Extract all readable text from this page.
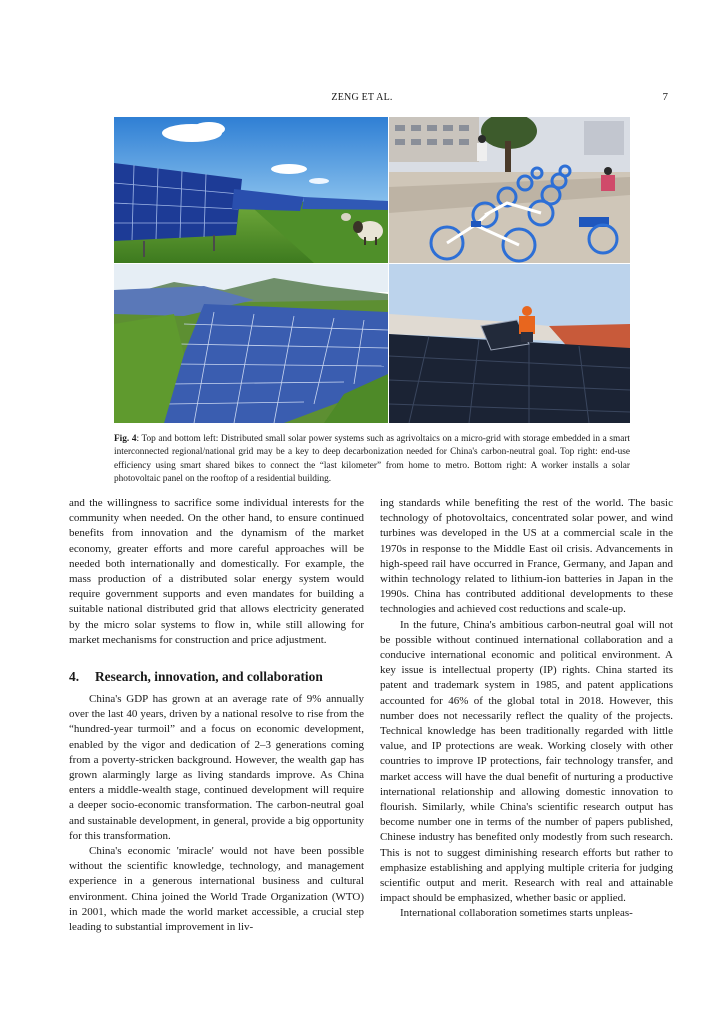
ZENG ET AL.	7
Fig. 4: Top and bottom left: Distributed small solar power systems such as agrivoltaics on a micro-grid with storage embedded in a smart interconnected regional/national grid may be a key to deep decarbonization needed for China's carbon-neutral goal. Top right: end-use efficiency using smart shared bikes to connect the “last kilometer” from home to metro. Bottom right: A worker installs a solar photovoltaic panel on the rooftop of a residential building.

and the willingness to sacrifice some individual interests for the community when needed. On the other hand, to ensure continued benefits from innovation and the dynamism of the market economy, greater efforts and more careful approaches will be needed both internationally and domestically. For example, the mass production of a distributed solar energy system would require government supports and even mandates for building a suitable national distributed grid that allows electricity generated by the micro solar systems to flow in, while still allowing for market mechanisms for construction and price adjustment.

4. Research, innovation, and collaboration

China's GDP has grown at an average rate of 9% annually over the last 40 years, driven by a national resolve to rise from the “hundred-year turmoil” and a focus on economic development, enabled by the vigor and dedication of 2–3 generations coming from a poverty-stricken background. However, the wealth gap has grown alarmingly large as living standards improve. As China enters a middle-wealth stage, continued development will require a deeper socio-economic transformation. The carbon-neutral goal and sustainable development, in general, provide a big opportunity for this transformation.

China's economic 'miracle' would not have been possible without the scientific knowledge, technology, and management experience in a generous international business and cultural environment. China joined the World Trade Organization (WTO) in 2001, which made the world market accessible, a crucial step leading to substantial improvement in liv-

ing standards while benefiting the rest of the world. The basic technology of photovoltaics, concentrated solar power, and wind turbines was developed in the US at a commercial scale in the 1970s in response to the Middle East oil crisis. Advancements in high-speed rail have occurred in France, Germany, and Japan and within technology related to lithium-ion batteries in Japan in the 1990s. China has contributed additional developments to these technologies and achieved cost reductions and scale-up.

In the future, China's ambitious carbon-neutral goal will not be possible without continued international collaboration and a conducive international economic and political environment. A key issue is intellectual property (IP) rights. China started its patent and trademark system in 1985, and patent applications accounted for 46% of the global total in 2018. However, this number does not necessarily reflect the quality of the projects. Technical knowledge has been traditionally regarded with little value, and IP protections are weak. Working closely with other countries to improve IP protections, fair technology transfer, and market access will have the dual benefit of nurturing a productive international relationship and allowing domestic innovation to flourish. Similarly, while China's scientific research output has become number one in terms of the number of papers published, Chinese industry has benefited only modestly from such research. This is not to suggest diminishing research efforts but rather to emphasize establishing and applying multiple criteria for judging scientific output and merit. Research with real and attainable impact should be emphasized, whether basic or applied.

International collaboration sometimes starts unpleas-
